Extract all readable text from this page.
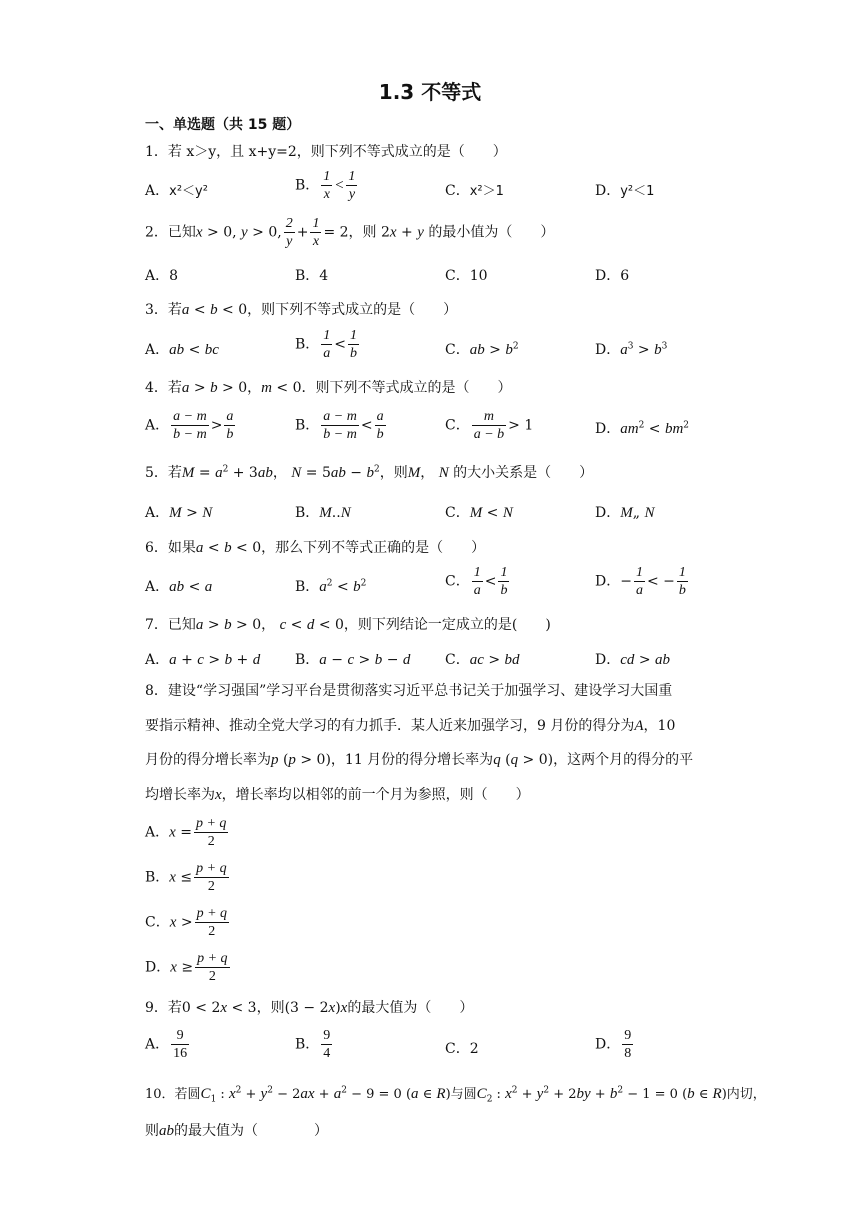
1.3 不等式
一、单选题（共 15 题）
1．若 x＞y，且 x+y=2，则下列不等式成立的是（　　）
A．x²＜y²	B． $\frac{1}{x} < \frac{1}{y}$	C．x²＞1	D．y²＜1
2．已知x > 0, y > 0, $\frac{2}{y} + \frac{1}{x} = 2$，则 2x + y 的最小值为（　　）
A．8	B．4	C．10	D．6
3．若a < b < 0，则下列不等式成立的是（　　）
A．ab < bc	B． $\frac{1}{a} < \frac{1}{b}$	C．ab > $b^2$	D．$a^3 > b^3$
4．若a > b > 0，m < 0．则下列不等式成立的是（　　）
A． $\frac{a - m}{b - m} > \frac{a}{b}$	B． $\frac{a - m}{b - m} < \frac{a}{b}$	C． $\frac{m}{a - b} > 1$	D．$am^2 < bm^2$
5．若$M = a^2 + 3ab$， $N = 5ab - b^2$，则M， N 的大小关系是（　　）
A．M > N	B．M..N	C．M < N	D．M„ N
6．如果a < b < 0，那么下列不等式正确的是（　　）
A．ab < a	B．$a^2 < b^2$	C． $\frac{1}{a} < \frac{1}{b}$	D．− $\frac{1}{a}$ < − $\frac{1}{b}$
7．已知a > b > 0， c < d < 0，则下列结论一定成立的是(　　)
A．a + c > b + d B．a − c > b − d C．ac > bd	D．cd > ab
8．建设“学习强国”学习平台是贯彻落实习近平总书记关于加强学习、建设学习大国重
要指示精神、推动全党大学习的有力抓手．某人近来加强学习，9 月份的得分为A，10
月份的得分增长率为p (p > 0)，11 月份的得分增长率为q (q > 0)，这两个月的得分的平
均增长率为x，增长率均以相邻的前一个月为参照，则（　　）
A．$x = \frac{p + q}{2}$
B．$x \le \frac{p + q}{2}$
C．$x > \frac{p + q}{2}$
D．$x \ge \frac{p + q}{2}$
9．若0 < 2x < 3，则(3 − 2x)x的最大值为（　　）
A． $\frac{9}{16}$	B． $\frac{9}{4}$	C．2	D． $\frac{9}{8}$
10．若圆$C_1$ : $x^2 + y^2 - 2ax + a^2 - 9 = 0$ (a ∈ R)与圆$C_2$ : $x^2 + y^2 + 2by + b^2 - 1 = 0$ (b ∈ R)内切，
则ab的最大值为（　　　　）
